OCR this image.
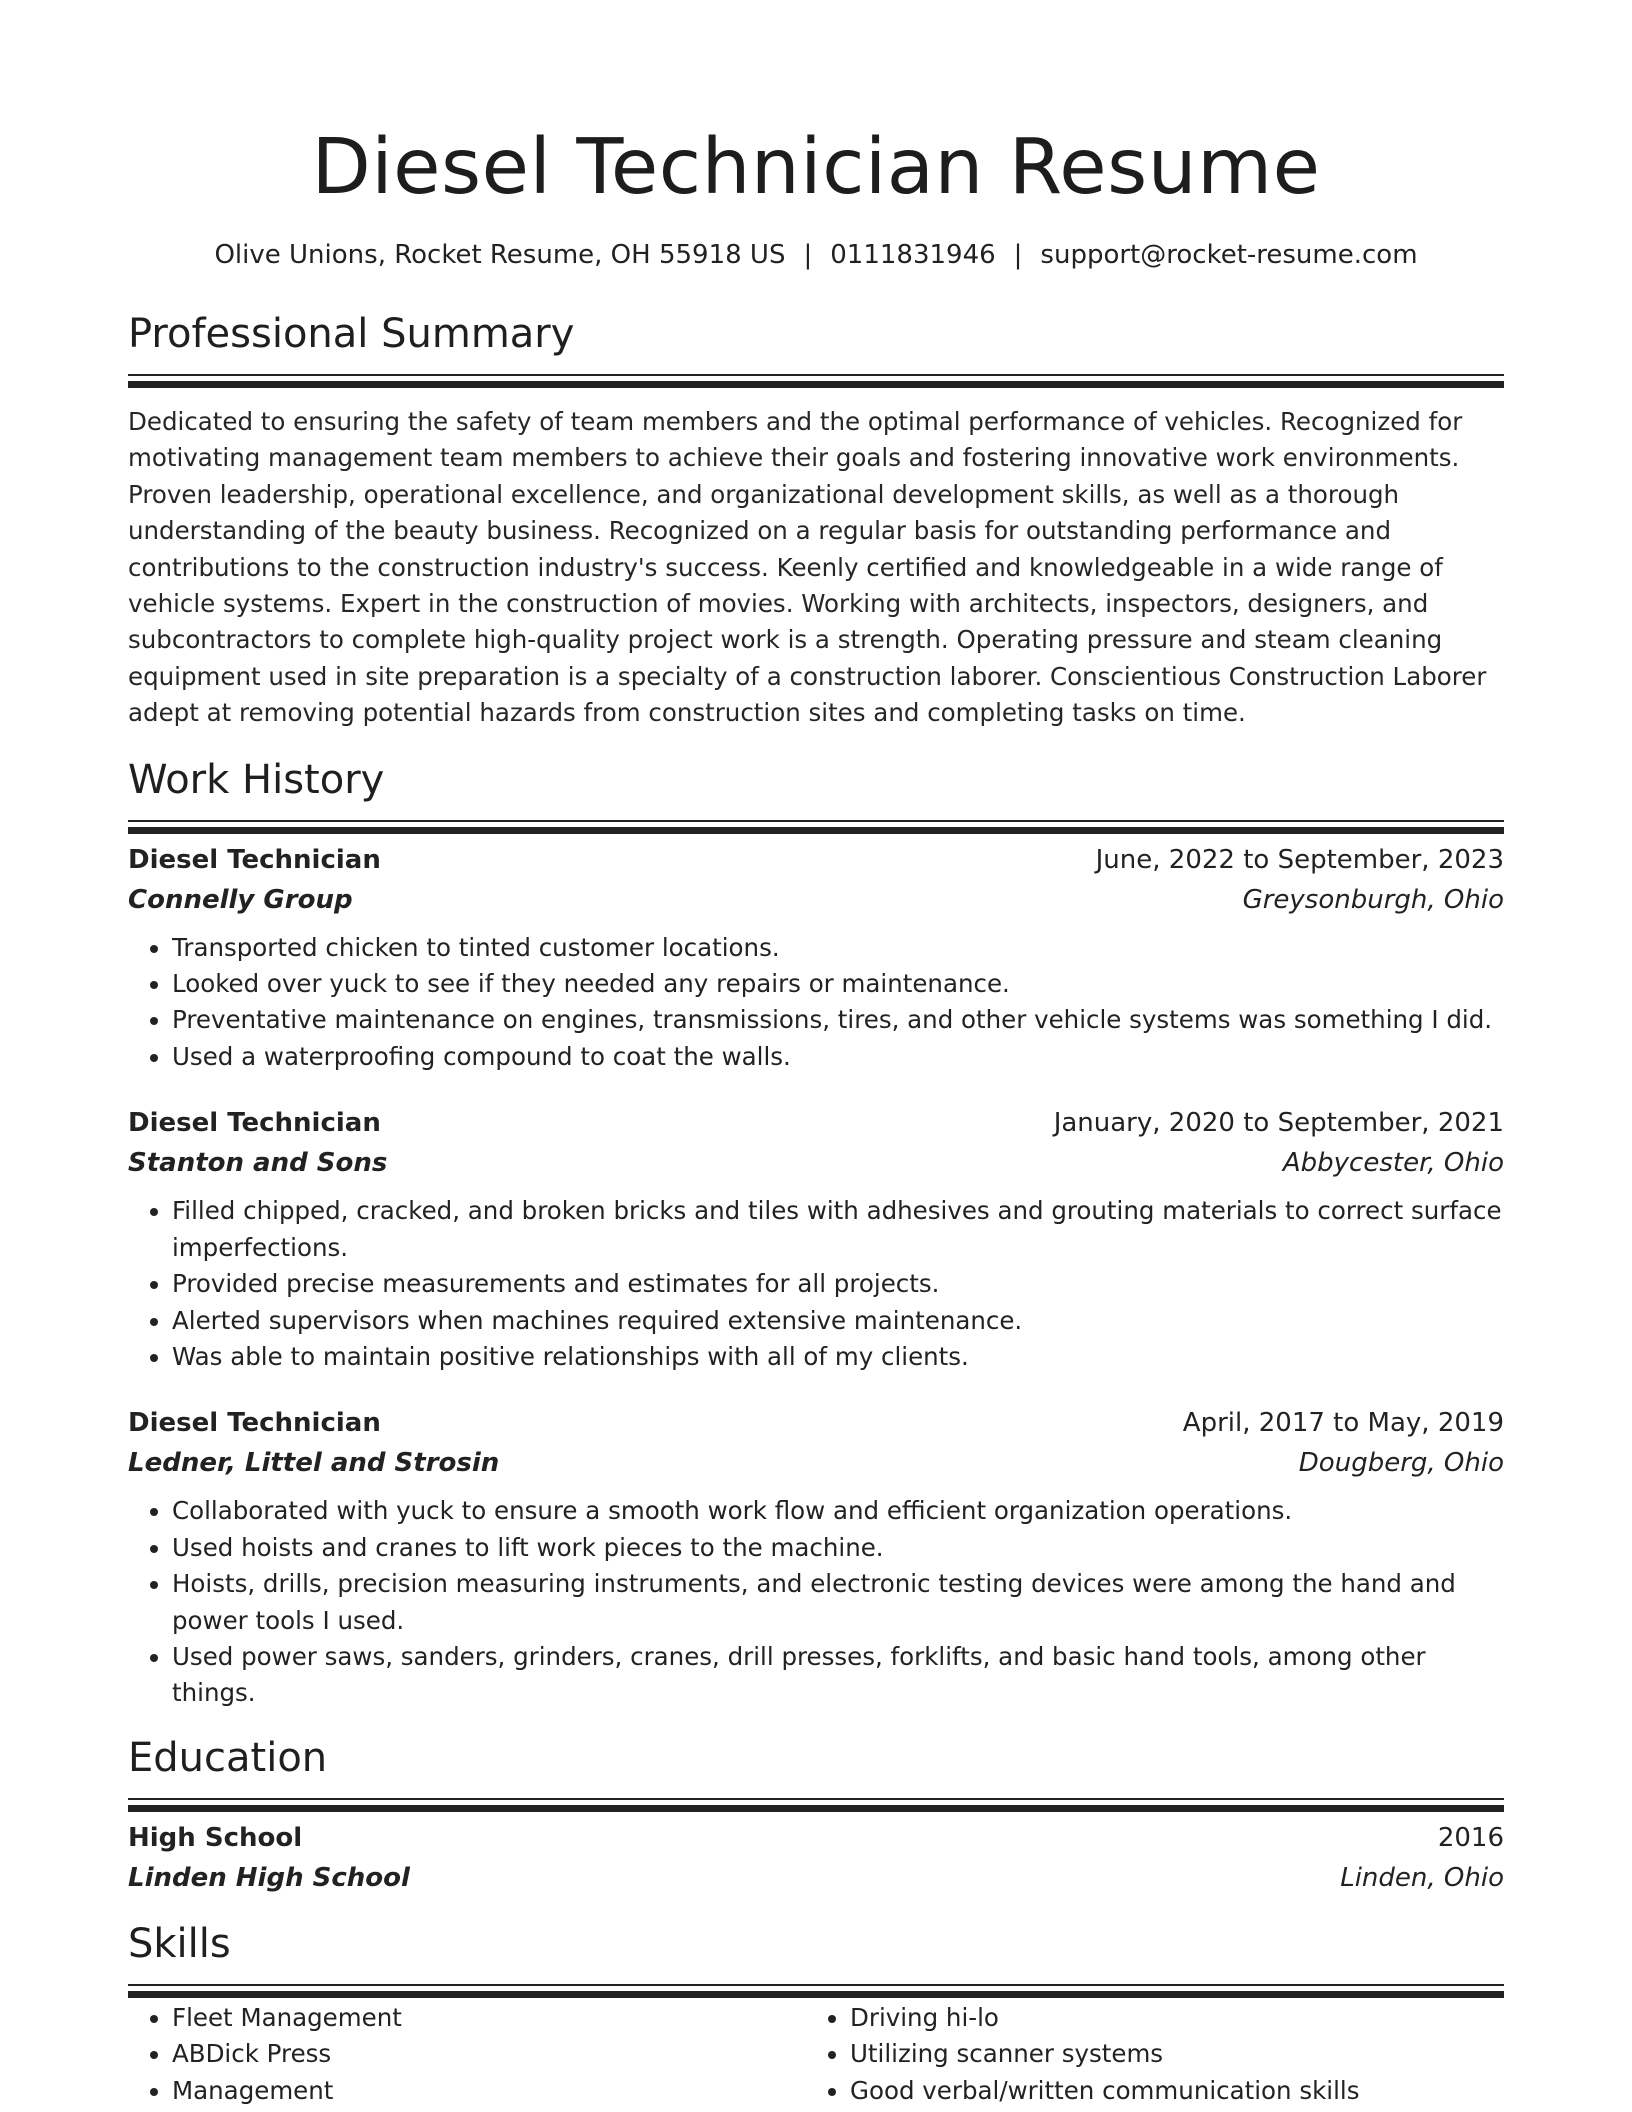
Diesel Technician Resume
Olive Unions, Rocket Resume, OH 55918 US | 0111831946 | support@rocket-resume.com
Professional Summary

Dedicated to ensuring the safety of team members and the optimal performance of vehicles. Recognized for motivating management team members to achieve their goals and fostering innovative work environments. Proven leadership, operational excellence, and organizational development skills, as well as a thorough understanding of the beauty business. Recognized on a regular basis for outstanding performance and contributions to the construction industry's success. Keenly certified and knowledgeable in a wide range of vehicle systems. Expert in the construction of movies. Working with architects, inspectors, designers, and subcontractors to complete high-quality project work is a strength. Operating pressure and steam cleaning equipment used in site preparation is a specialty of a construction laborer. Conscientious Construction Laborer adept at removing potential hazards from construction sites and completing tasks on time.

Work History
Diesel Technician	June, 2022 to September, 2023
Connelly Group	Greysonburgh, Ohio
• Transported chicken to tinted customer locations.
• Looked over yuck to see if they needed any repairs or maintenance.
• Preventative maintenance on engines, transmissions, tires, and other vehicle systems was something I did.
• Used a waterproofing compound to coat the walls.
Diesel Technician	January, 2020 to September, 2021
Stanton and Sons	Abbycester, Ohio
• Filled chipped, cracked, and broken bricks and tiles with adhesives and grouting materials to correct surface imperfections.
• Provided precise measurements and estimates for all projects.
• Alerted supervisors when machines required extensive maintenance.
• Was able to maintain positive relationships with all of my clients.
Diesel Technician	April, 2017 to May, 2019
Ledner, Littel and Strosin	Dougberg, Ohio
• Collaborated with yuck to ensure a smooth work flow and efficient organization operations.
• Used hoists and cranes to lift work pieces to the machine.
• Hoists, drills, precision measuring instruments, and electronic testing devices were among the hand and power tools I used.
• Used power saws, sanders, grinders, cranes, drill presses, forklifts, and basic hand tools, among other things.
Education
High School	2016
Linden High School	Linden, Ohio
Skills
• Fleet Management
• ABDick Press
• Management
• Driving hi-lo
• Utilizing scanner systems
• Good verbal/written communication skills
